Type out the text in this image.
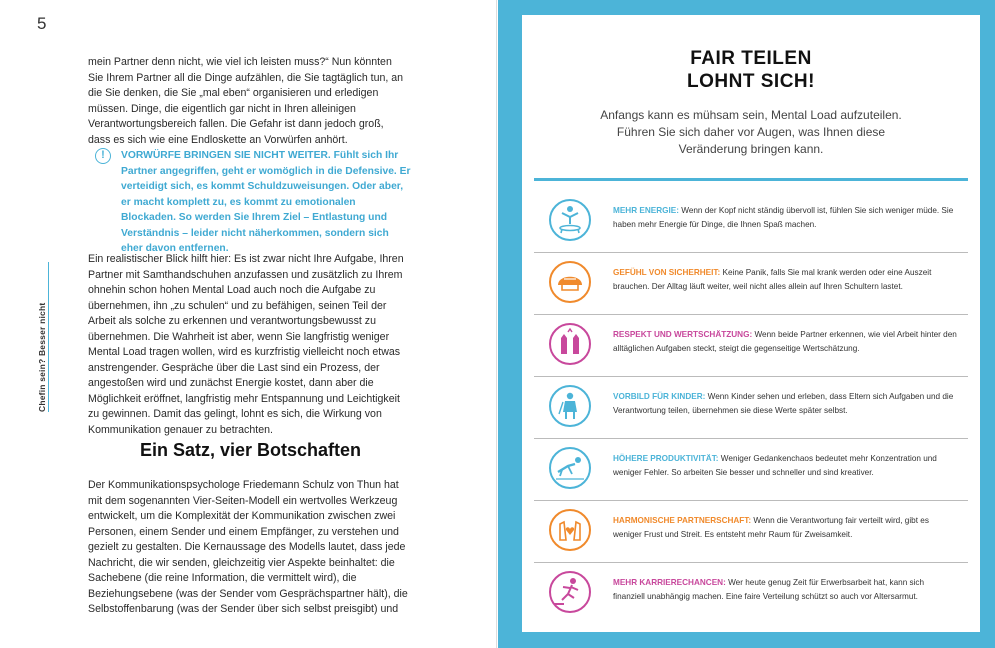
5
Chefin sein? Besser nicht
mein Partner denn nicht, wie viel ich leisten muss?“ Nun könnten Sie Ihrem Partner all die Dinge aufzählen, die Sie tagtäglich tun, an die Sie denken, die Sie „mal eben“ organisieren und erledigen müssen. Dinge, die eigentlich gar nicht in Ihren alleinigen Verantwortungsbereich fallen. Die Gefahr ist dann jedoch groß, dass es sich wie eine Endloskette an Vorwürfen anhört.
!	VORWÜRFE BRINGEN SIE NICHT WEITER. Fühlt sich Ihr Partner angegriffen, geht er womöglich in die Defensive. Er verteidigt sich, es kommt Schuldzuweisungen. Oder aber, er macht komplett zu, es kommt zu emotionalen Blockaden. So werden Sie Ihrem Ziel – Entlastung und Verständnis – leider nicht näherkommen, sondern sich eher davon entfernen.
Ein realistischer Blick hilft hier: Es ist zwar nicht Ihre Aufgabe, Ihren Partner mit Samthandschuhen anzufassen und zusätzlich zu Ihrem ohnehin schon hohen Mental Load auch noch die Aufgabe zu übernehmen, ihn „zu schulen“ und zu befähigen, seinen Teil der Arbeit als solche zu erkennen und verantwortungsbewusst zu übernehmen. Die Wahrheit ist aber, wenn Sie langfristig weniger Mental Load tragen wollen, wird es kurzfristig vielleicht noch etwas anstrengender. Gespräche über die Last sind ein Prozess, der angestoßen wird und zunächst Energie kostet, dann aber die Möglichkeit eröffnet, langfristig mehr Entspannung und Leichtigkeit zu gewinnen. Damit das gelingt, lohnt es sich, die Wirkung von Kommunikation genauer zu betrachten.
Ein Satz, vier Botschaften
Der Kommunikationspsychologe Friedemann Schulz von Thun hat mit dem sogenannten Vier-Seiten-Modell ein wertvolles Werkzeug entwickelt, um die Komplexität der Kommunikation zwischen zwei Personen, einem Sender und einem Empfänger, zu verstehen und gezielt zu gestalten. Die Kernaussage des Modells lautet, dass jede Nachricht, die wir senden, gleichzeitig vier Aspekte beinhaltet: die Sachebene (die reine Information, die vermittelt wird), die Beziehungsebene (was der Sender vom Gesprächspartner hält), die Selbstoffenbarung (was der Sender über sich selbst preisgibt) und
FAIR TEILEN
LOHNT SICH!
Anfangs kann es mühsam sein, Mental Load aufzuteilen. Führen Sie sich daher vor Augen, was Ihnen diese Veränderung bringen kann.
MEHR ENERGIE: Wenn der Kopf nicht ständig übervoll ist, fühlen Sie sich weniger müde. Sie haben mehr Energie für Dinge, die Ihnen Spaß machen.
GEFÜHL VON SICHERHEIT: Keine Panik, falls Sie mal krank werden oder eine Auszeit brauchen. Der Alltag läuft weiter, weil nicht alles allein auf Ihren Schultern lastet.
RESPEKT UND WERTSCHÄTZUNG: Wenn beide Partner erkennen, wie viel Arbeit hinter den alltäglichen Aufgaben steckt, steigt die gegenseitige Wertschätzung.
VORBILD FÜR KINDER: Wenn Kinder sehen und erleben, dass Eltern sich Aufgaben und die Verantwortung teilen, übernehmen sie diese Werte später selbst.
HÖHERE PRODUKTIVITÄT: Weniger Gedankenchaos bedeutet mehr Konzentration und weniger Fehler. So arbeiten Sie besser und schneller und sind kreativer.
HARMONISCHE PARTNERSCHAFT: Wenn die Verantwortung fair verteilt wird, gibt es weniger Frust und Streit. Es entsteht mehr Raum für Zweisamkeit.
MEHR KARRIERECHANCEN: Wer heute genug Zeit für Erwerbsarbeit hat, kann sich finanziell unabhängig machen. Eine faire Verteilung schützt so auch vor Altersarmut.
